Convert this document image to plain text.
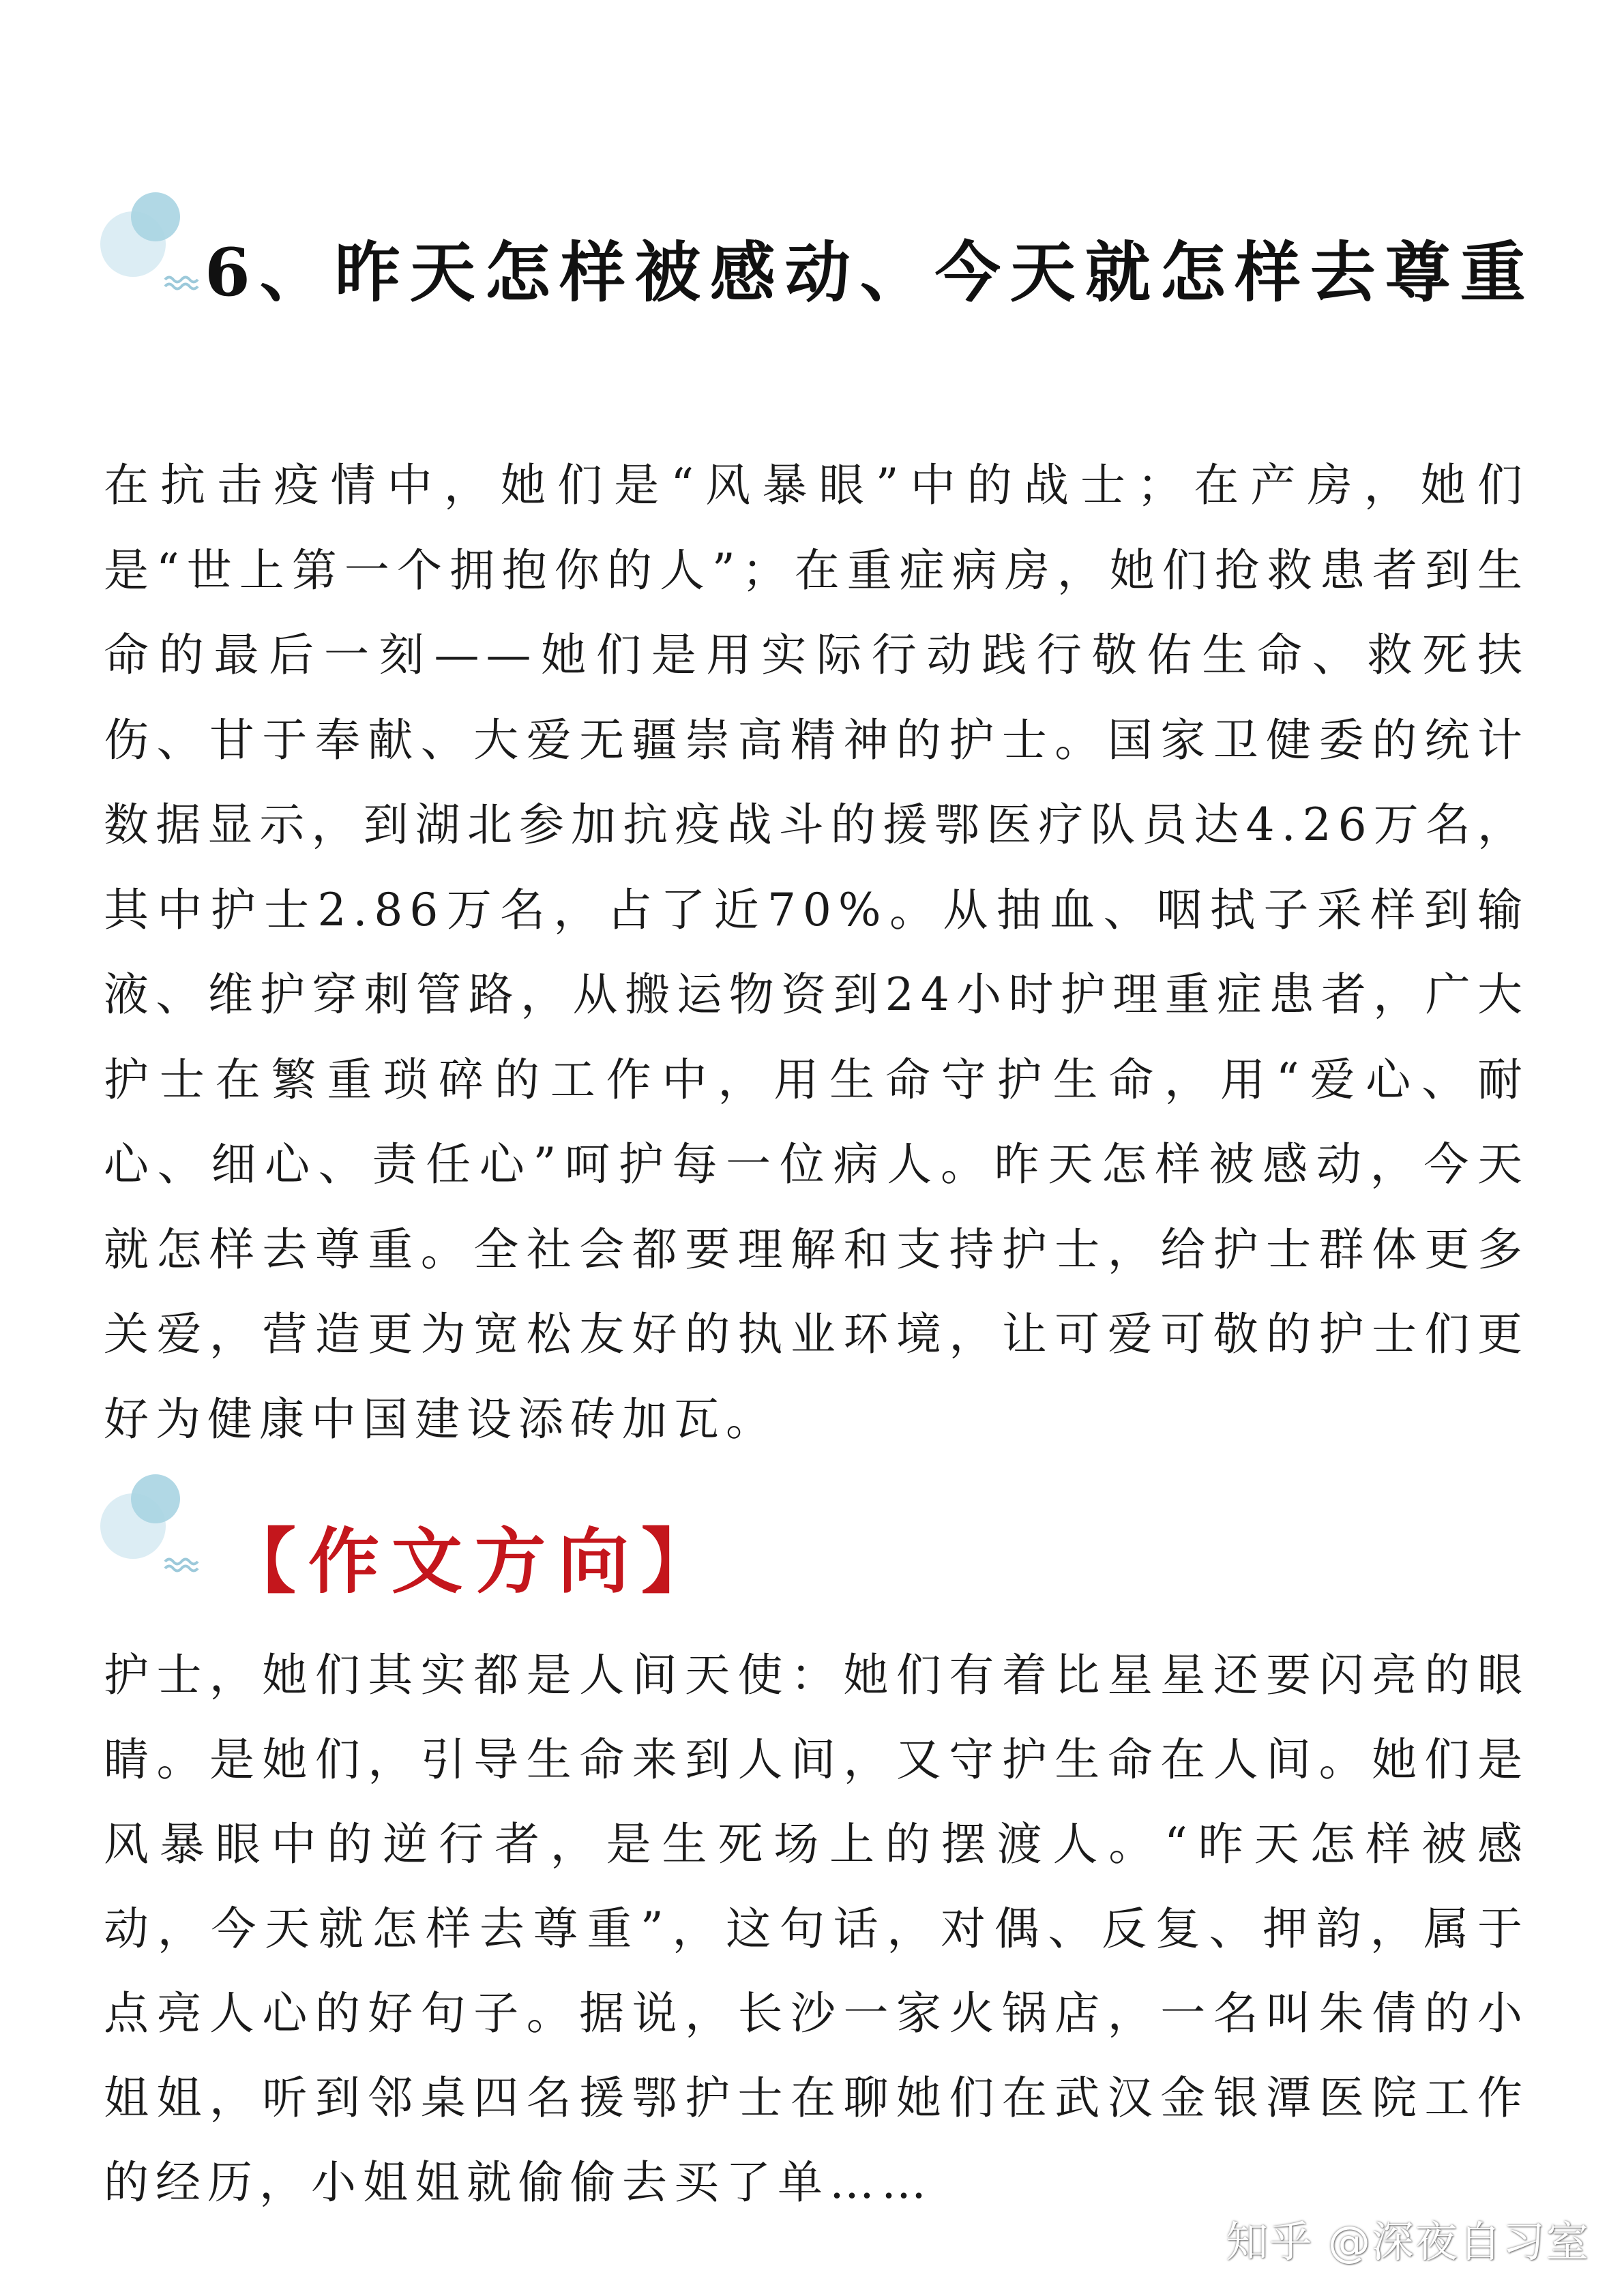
6、昨天怎样被感动、今天就怎样去尊重

在抗击疫情中，她们是“风暴眼”中的战士；在产房，她们是“世上第一个拥抱你的人”；在重症病房，她们抢救患者到生命的最后一刻——她们是用实际行动践行敬佑生命、救死扶伤、甘于奉献、大爱无疆崇高精神的护士。国家卫健委的统计数据显示，到湖北参加抗疫战斗的援鄂医疗队员达4.26万名，其中护士2.86万名，占了近70%。从抽血、咽拭子采样到输液、维护穿刺管路，从搬运物资到24小时护理重症患者，广大护士在繁重琐碎的工作中，用生命守护生命，用“爱心、耐心、细心、责任心”呵护每一位病人。昨天怎样被感动，今天就怎样去尊重。全社会都要理解和支持护士，给护士群体更多关爱，营造更为宽松友好的执业环境，让可爱可敬的护士们更好为健康中国建设添砖加瓦。

【作文方向】

护士，她们其实都是人间天使：她们有着比星星还要闪亮的眼睛。是她们，引导生命来到人间，又守护生命在人间。她们是风暴眼中的逆行者，是生死场上的摆渡人。“昨天怎样被感动，今天就怎样去尊重”，这句话，对偶、反复、押韵，属于点亮人心的好句子。据说，长沙一家火锅店，一名叫朱倩的小姐姐，听到邻桌四名援鄂护士在聊她们在武汉金银潭医院工作的经历，小姐姐就偷偷去买了单……

知乎 @深夜自习室
